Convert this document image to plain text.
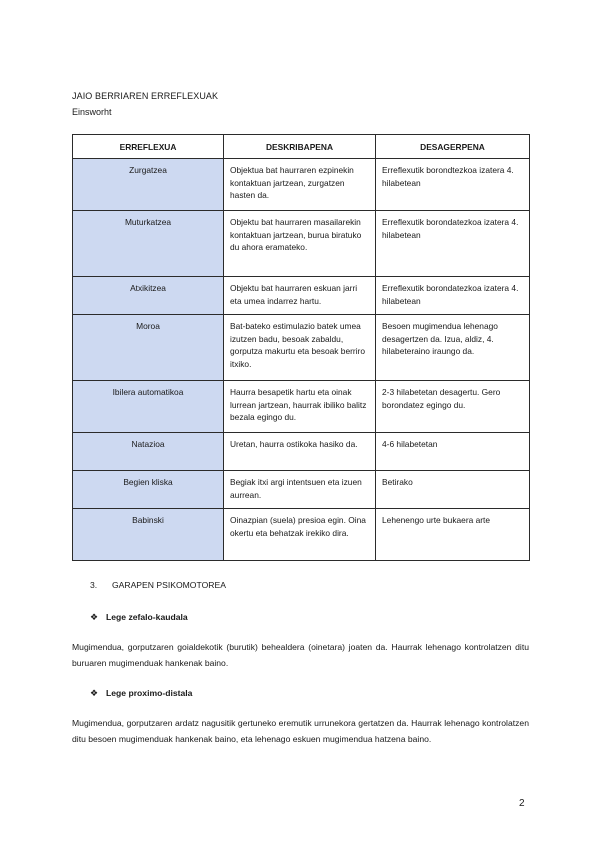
JAIO BERRIAREN ERREFLEXUAK
Einsworht
ERREFLEXUA	DESKRIBAPENA	DESAGERPENA
Zurgatzea	Objektua bat haurraren ezpinekin kontaktuan jartzean, zurgatzen hasten da.	Erreflexutik borondtezkoa izatera 4. hilabetean
Muturkatzea	Objektu bat haurraren masailarekin kontaktuan jartzean, burua biratuko du ahora eramateko.	Erreflexutik borondatezkoa izatera 4. hilabetean
Atxikitzea	Objektu bat haurraren eskuan jarri eta umea indarrez hartu.	Erreflexutik borondatezkoa izatera 4. hilabetean
Moroa	Bat-bateko estimulazio batek umea izutzen badu, besoak zabaldu, gorputza makurtu eta besoak berriro itxiko.	Besoen mugimendua lehenago desagertzen da. Izua, aldiz, 4. hilabeteraino iraungo da.
Ibilera automatikoa	Haurra besapetik hartu eta oinak lurrean jartzean, haurrak ibiliko balitz bezala egingo du.	2-3 hilabetetan desagertu. Gero borondatez egingo du.
Natazioa	Uretan, haurra ostikoka hasiko da.	4-6 hilabetetan
Begien kliska	Begiak itxi argi intentsuen eta izuen aurrean.	Betirako
Babinski	Oinazpian (suela) presioa egin. Oina okertu eta behatzak irekiko dira.	Lehenengo urte bukaera arte
3. GARAPEN PSIKOMOTOREA
❖ Lege zefalo-kaudala
Mugimendua, gorputzaren goialdekotik (burutik) behealdera (oinetara) joaten da. Haurrak lehenago kontrolatzen ditu buruaren mugimenduak hankenak baino.
❖ Lege proximo-distala
Mugimendua, gorputzaren ardatz nagusitik gertuneko eremutik urrunekora gertatzen da. Haurrak lehenago kontrolatzen ditu besoen mugimenduak hankenak baino, eta lehenago eskuen mugimendua hatzena baino.
2
